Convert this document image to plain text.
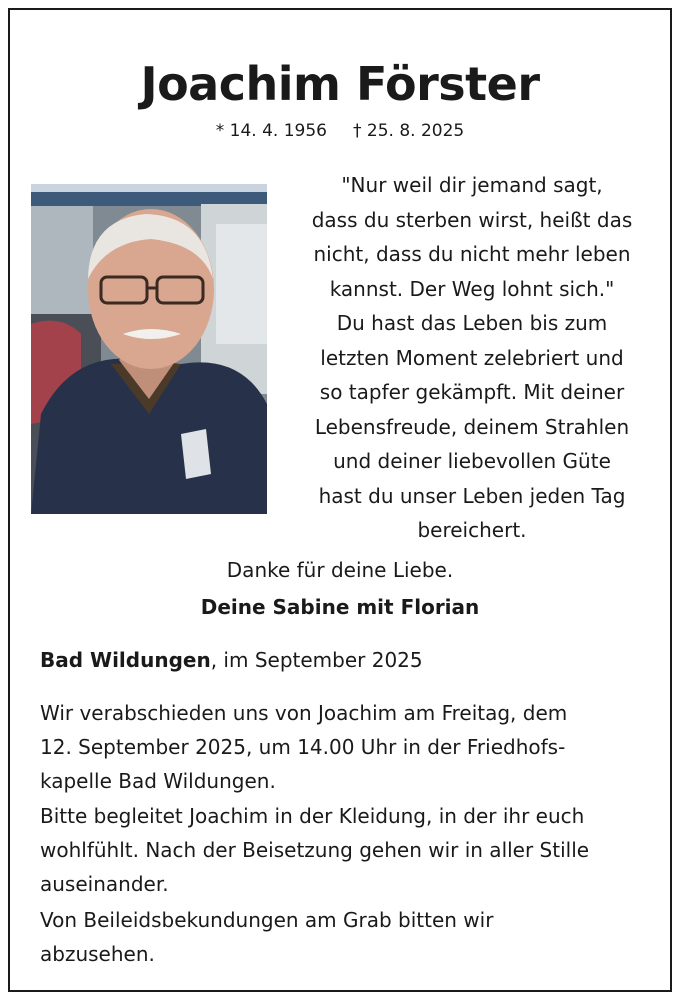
Joachim Förster
* 14. 4. 1956 † 25. 8. 2025
"Nur weil dir jemand sagt,
dass du sterben wirst, heißt das
nicht, dass du nicht mehr leben
kannst. Der Weg lohnt sich."
Du hast das Leben bis zum
letzten Moment zelebriert und
so tapfer gekämpft. Mit deiner
Lebensfreude, deinem Strahlen
und deiner liebevollen Güte
hast du unser Leben jeden Tag
bereichert.
Danke für deine Liebe.
Deine Sabine mit Florian
Bad Wildungen, im September 2025
Wir verabschieden uns von Joachim am Freitag, dem
12. September 2025, um 14.00 Uhr in der Friedhofs-
kapelle Bad Wildungen.
Bitte begleitet Joachim in der Kleidung, in der ihr euch
wohlfühlt. Nach der Beisetzung gehen wir in aller Stille
auseinander.
Von Beileidsbekundungen am Grab bitten wir
abzusehen.
